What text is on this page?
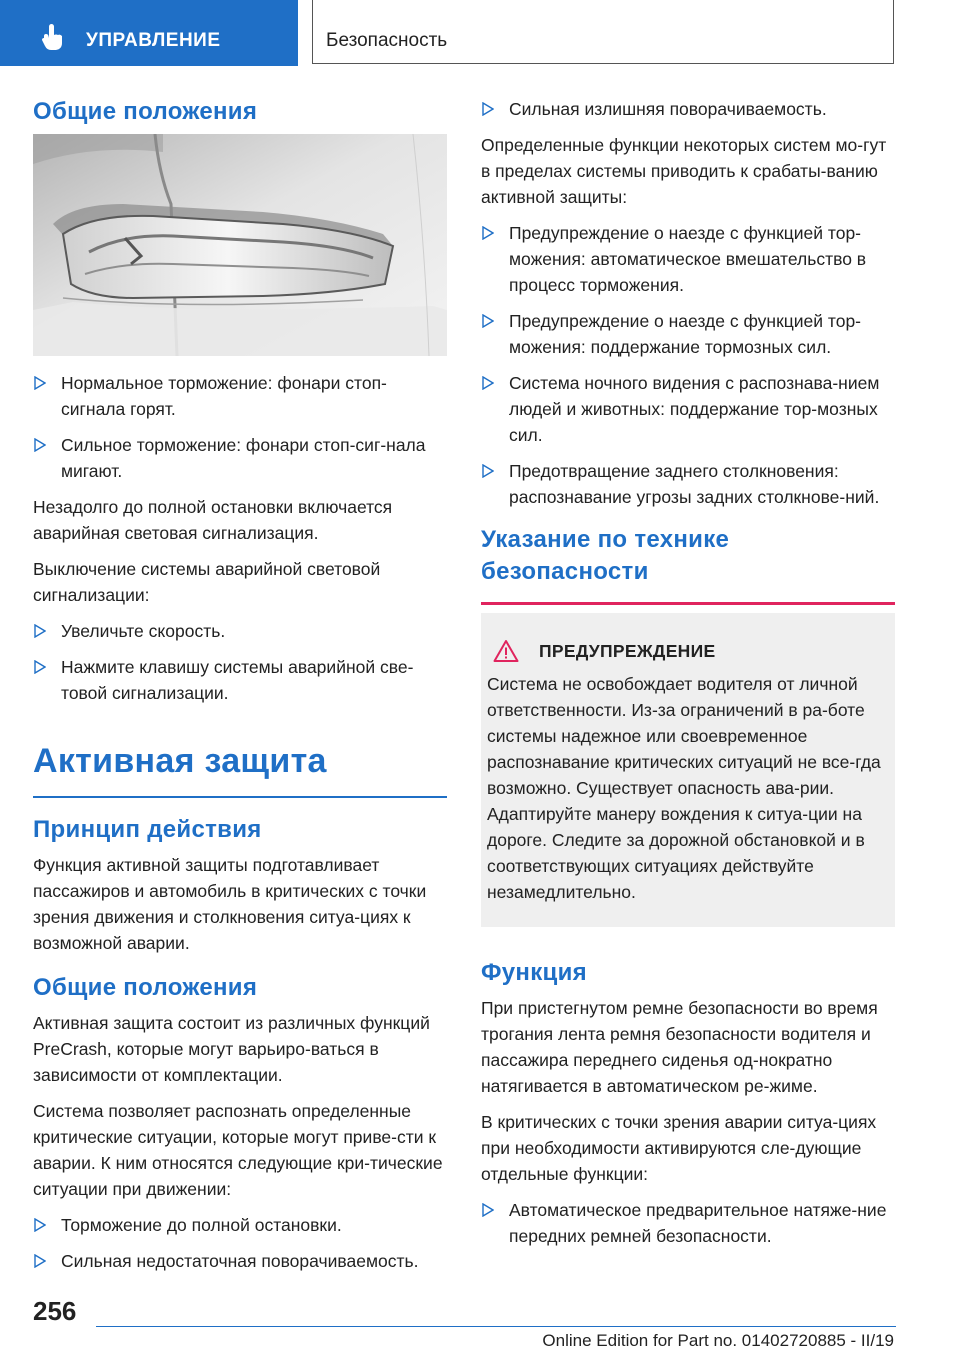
УПРАВЛЕНИЕ	Безопасность
Общие положения
Нормальное торможение: фонари стоп-сигнала горят.
Сильное торможение: фонари стоп-сиг-нала мигают.

Незадолго до полной остановки включается аварийная световая сигнализация.

Выключение системы аварийной световой сигнализации:

Увеличьте скорость.
Нажмите клавишу системы аварийной све-товой сигнализации.
Активная защита
Принцип действия

Функция активной защиты подготавливает пассажиров и автомобиль в критических с точки зрения движения и столкновения ситуа-циях к возможной аварии.

Общие положения

Активная защита состоит из различных функций PreCrash, которые могут варьиро-ваться в зависимости от комплектации.

Система позволяет распознать определенные критические ситуации, которые могут приве-сти к аварии. К ним относятся следующие кри-тические ситуации при движении:

Торможение до полной остановки.
Сильная недостаточная поворачиваемость.
Сильная излишняя поворачиваемость.

Определенные функции некоторых систем мо-гут в пределах системы приводить к срабаты-ванию активной защиты:

Предупреждение о наезде с функцией тор-можения: автоматическое вмешательство в процесс торможения.
Предупреждение о наезде с функцией тор-можения: поддержание тормозных сил.
Система ночного видения с распознава-нием людей и животных: поддержание тор-мозных сил.
Предотвращение заднего столкновения: распознавание угрозы задних столкнове-ний.
Указание по технике безопасности
ПРЕДУПРЕЖДЕНИЕ

Система не освобождает водителя от личной ответственности. Из-за ограничений в ра-боте системы надежное или своевременное распознавание критических ситуаций не все-гда возможно. Существует опасность ава-рии. Адаптируйте манеру вождения к ситуа-ции на дороге. Следите за дорожной обстановкой и в соответствующих ситуациях действуйте незамедлительно.

Функция

При пристегнутом ремне безопасности во время трогания лента ремня безопасности водителя и пассажира переднего сиденья од-нократно натягивается в автоматическом ре-жиме.

В критических с точки зрения аварии ситуа-циях при необходимости активируются сле-дующие отдельные функции:

Автоматическое предварительное натяже-ние передних ремней безопасности.
256
Online Edition for Part no. 01402720885 - II/19
